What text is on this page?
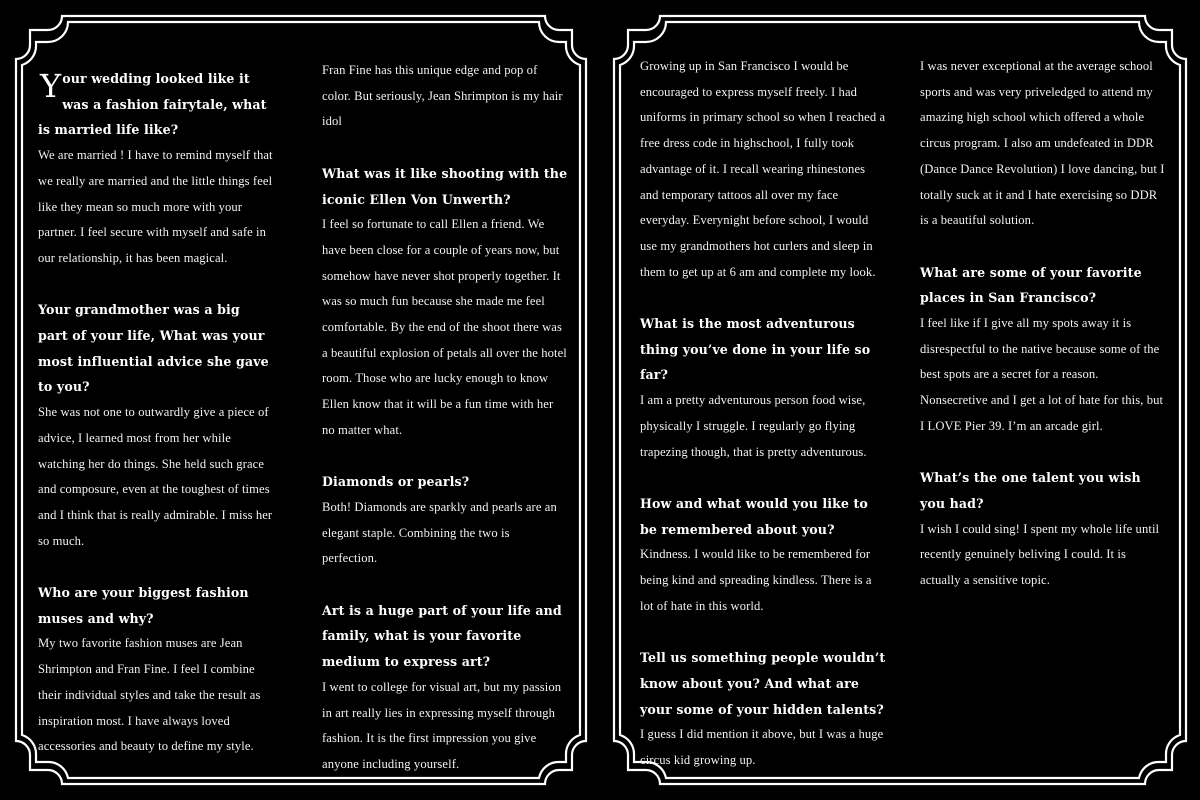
Your wedding looked like it was a fashion fairytale, what is married life like?

We are married ! I have to remind myself that we really are married and the little things feel like they mean so much more with your partner. I feel secure with myself and safe in our relationship, it has been magical.

Your grandmother was a big part of your life, What was your most influential advice she gave to you?

She was not one to outwardly give a piece of advice, I learned most from her while watching her do things. She held such grace and composure, even at the toughest of times and I think that is really admirable. I miss her so much.

Who are your biggest fashion muses and why?

My two favorite fashion muses are Jean Shrimpton and Fran Fine. I feel I combine their individual styles and take the result as inspiration most. I have always loved accessories and beauty to define my style.

Fran Fine has this unique edge and pop of color. But seriously, Jean Shrimpton is my hair idol

What was it like shooting with the iconic Ellen Von Unwerth?

I feel so fortunate to call Ellen a friend. We have been close for a couple of years now, but somehow have never shot properly together. It was so much fun because she made me feel comfortable. By the end of the shoot there was a beautiful explosion of petals all over the hotel room. Those who are lucky enough to know Ellen know that it will be a fun time with her no matter what.

Diamonds or pearls?

Both! Diamonds are sparkly and pearls are an elegant staple. Combining the two is perfection.

Art is a huge part of your life and family, what is your favorite medium to express art?

I went to college for visual art, but my passion in art really lies in expressing myself through fashion. It is the first impression you give anyone including yourself.

Growing up in San Francisco I would be encouraged to express myself freely. I had uniforms in primary school so when I reached a free dress code in highschool, I fully took advantage of it. I recall wearing rhinestones and temporary tattoos all over my face everyday. Everynight before school, I would use my grandmothers hot curlers and sleep in them to get up at 6 am and complete my look.

What is the most adventurous thing you’ve done in your life so far?

I am a pretty adventurous person food wise, physically I struggle. I regularly go flying trapezing though, that is pretty adventurous.

How and what would you like to be remembered about you?

Kindness. I would like to be remembered for being kind and spreading kindless. There is a lot of hate in this world.

Tell us something people wouldn’t know about you? And what are your some of your hidden talents?

I guess I did mention it above, but I was a huge circus kid growing up.

I was never exceptional at the average school sports and was very priveledged to attend my amazing high school which offered a whole circus program. I also am undefeated in DDR (Dance Dance Revolution) I love dancing, but I totally suck at it and I hate exercising so DDR is a beautiful solution.

What are some of your favorite places in San Francisco?

I feel like if I give all my spots away it is disrespectful to the native because some of the best spots are a secret for a reason. Nonsecretive and I get a lot of hate for this, but I LOVE Pier 39. I’m an arcade girl.

What’s the one talent you wish you had?

I wish I could sing! I spent my whole life until recently genuinely beliving I could. It is actually a sensitive topic.
